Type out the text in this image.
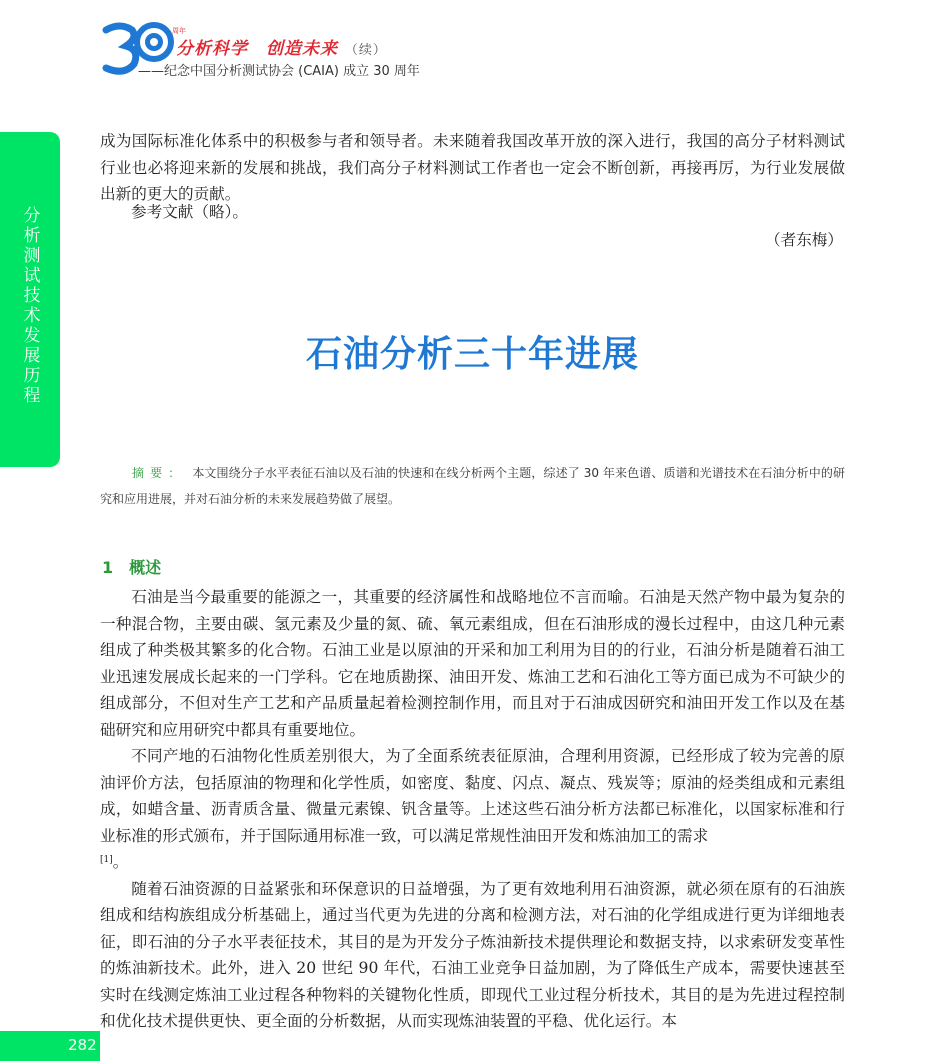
周年
分析科学 创造未来 （续）
——纪念中国分析测试协会 (CAIA) 成立 30 周年
分析测试技术发展历程
成为国际标准化体系中的积极参与者和领导者。未来随着我国改革开放的深入进行，我国的高分子材料测试行业也必将迎来新的发展和挑战，我们高分子材料测试工作者也一定会不断创新，再接再厉，为行业发展做出新的更大的贡献。
参考文献（略）。
（者东梅）
石油分析三十年进展
摘要： 本文围绕分子水平表征石油以及石油的快速和在线分析两个主题，综述了 30 年来色谱、质谱和光谱技术在石油分析中的研究和应用进展，并对石油分析的未来发展趋势做了展望。
1 概述

石油是当今最重要的能源之一，其重要的经济属性和战略地位不言而喻。石油是天然产物中最为复杂的一种混合物，主要由碳、氢元素及少量的氮、硫、氧元素组成，但在石油形成的漫长过程中，由这几种元素组成了种类极其繁多的化合物。石油工业是以原油的开采和加工利用为目的的行业，石油分析是随着石油工业迅速发展成长起来的一门学科。它在地质勘探、油田开发、炼油工艺和石油化工等方面已成为不可缺少的组成部分，不但对生产工艺和产品质量起着检测控制作用，而且对于石油成因研究和油田开发工作以及在基础研究和应用研究中都具有重要地位。

不同产地的石油物化性质差别很大，为了全面系统表征原油，合理利用资源，已经形成了较为完善的原油评价方法，包括原油的物理和化学性质，如密度、黏度、闪点、凝点、残炭等；原油的烃类组成和元素组成，如蜡含量、沥青质含量、微量元素镍、钒含量等。上述这些石油分析方法都已标准化，以国家标准和行业标准的形式颁布，并于国际通用标准一致，可以满足常规性油田开发和炼油加工的需求
[1]。

随着石油资源的日益紧张和环保意识的日益增强，为了更有效地利用石油资源，就必须在原有的石油族组成和结构族组成分析基础上，通过当代更为先进的分离和检测方法，对石油的化学组成进行更为详细地表征，即石油的分子水平表征技术，其目的是为开发分子炼油新技术提供理论和数据支持，以求索研发变革性的炼油新技术。此外，进入 20 世纪 90 年代，石油工业竞争日益加剧，为了降低生产成本，需要快速甚至实时在线测定炼油工业过程各种物料的关键物化性质，即现代工业过程分析技术，其目的是为先进过程控制和优化技术提供更快、更全面的分析数据，从而实现炼油装置的平稳、优化运行。本

282
